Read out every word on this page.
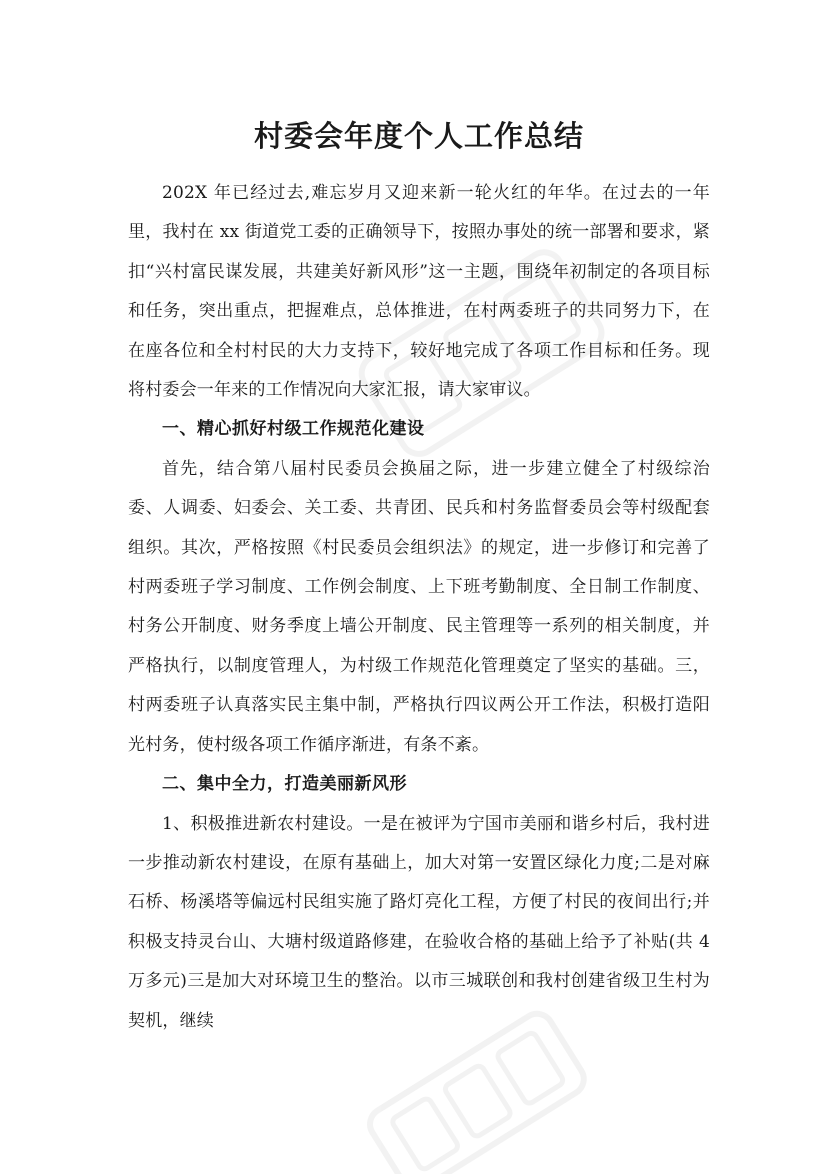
村委会年度个人工作总结

202X 年已经过去,难忘岁月又迎来新一轮火红的年华。在过去的一年里，我村在 xx 街道党工委的正确领导下，按照办事处的统一部署和要求，紧扣“兴村富民谋发展，共建美好新风形”这一主题，围绕年初制定的各项目标和任务，突出重点，把握难点，总体推进，在村两委班子的共同努力下，在在座各位和全村村民的大力支持下，较好地完成了各项工作目标和任务。现将村委会一年来的工作情况向大家汇报，请大家审议。

一、精心抓好村级工作规范化建设

首先，结合第八届村民委员会换届之际，进一步建立健全了村级综治委、人调委、妇委会、关工委、共青团、民兵和村务监督委员会等村级配套组织。其次，严格按照《村民委员会组织法》的规定，进一步修订和完善了村两委班子学习制度、工作例会制度、上下班考勤制度、全日制工作制度、村务公开制度、财务季度上墙公开制度、民主管理等一系列的相关制度，并严格执行，以制度管理人，为村级工作规范化管理奠定了坚实的基础。三，村两委班子认真落实民主集中制，严格执行四议两公开工作法，积极打造阳光村务，使村级各项工作循序渐进，有条不紊。

二、集中全力，打造美丽新风形

1、积极推进新农村建设。一是在被评为宁国市美丽和谐乡村后，我村进一步推动新农村建设，在原有基础上，加大对第一安置区绿化力度;二是对麻石桥、杨溪塔等偏远村民组实施了路灯亮化工程，方便了村民的夜间出行;并积极支持灵台山、大塘村级道路修建，在验收合格的基础上给予了补贴(共 4 万多元)三是加大对环境卫生的整治。以市三城联创和我村创建省级卫生村为契机，继续
